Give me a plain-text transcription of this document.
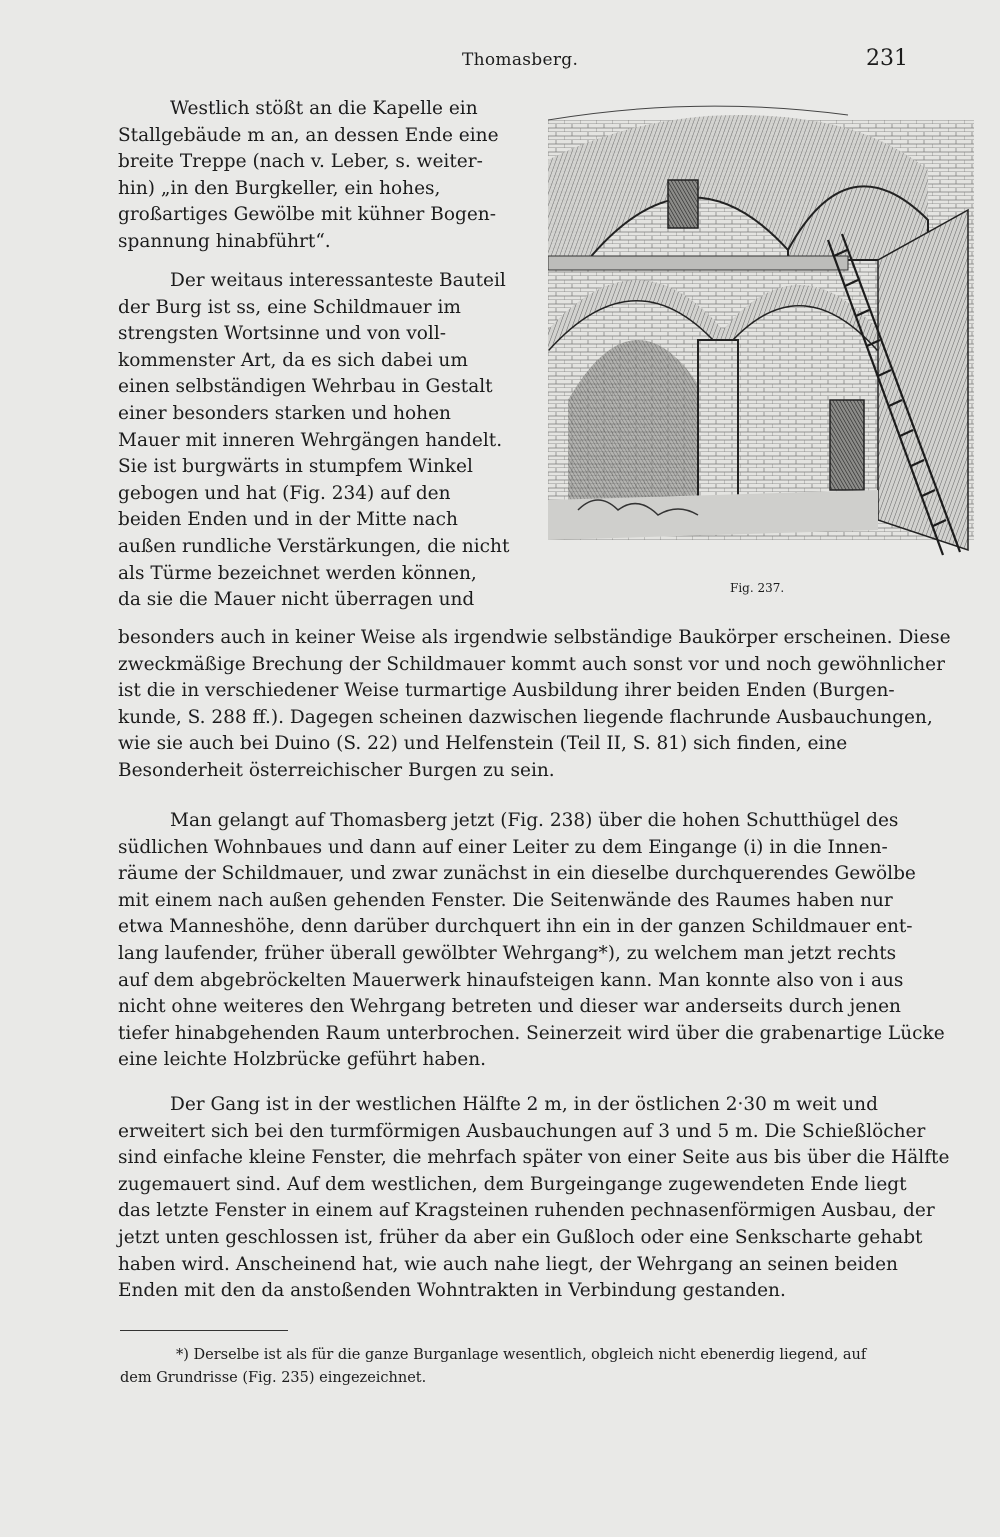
Thomasberg.	231

Westlich stößt an die Kapelle ein
Stallgebäude m an, an dessen Ende eine
breite Treppe (nach v. Leber, s. weiter-
hin) „in den Burgkeller, ein hohes,
großartiges Gewölbe mit kühner Bogen-
spannung hinabführt“.

Der weitaus interessanteste Bauteil
der Burg ist ss, eine Schildmauer im
strengsten Wortsinne und von voll-
kommenster Art, da es sich dabei um
einen selbständigen Wehrbau in Gestalt
einer besonders starken und hohen
Mauer mit inneren Wehrgängen handelt.
Sie ist burgwärts in stumpfem Winkel
gebogen und hat (Fig. 234) auf den
beiden Enden und in der Mitte nach
außen rundliche Verstärkungen, die nicht
als Türme bezeichnet werden können,
da sie die Mauer nicht überragen und

besonders auch in keiner Weise als irgendwie selbständige Baukörper erscheinen. Diese
zweckmäßige Brechung der Schildmauer kommt auch sonst vor und noch gewöhnlicher
ist die in verschiedener Weise turmartige Ausbildung ihrer beiden Enden (Burgen-
kunde, S. 288 ff.). Dagegen scheinen dazwischen liegende flachrunde Ausbauchungen,
wie sie auch bei Duino (S. 22) und Helfenstein (Teil II, S. 81) sich finden, eine
Besonderheit österreichischer Burgen zu sein.

Man gelangt auf Thomasberg jetzt (Fig. 238) über die hohen Schutthügel des
südlichen Wohnbaues und dann auf einer Leiter zu dem Eingange (i) in die Innen-
räume der Schildmauer, und zwar zunächst in ein dieselbe durchquerendes Gewölbe
mit einem nach außen gehenden Fenster. Die Seitenwände des Raumes haben nur
etwa Manneshöhe, denn darüber durchquert ihn ein in der ganzen Schildmauer ent-
lang laufender, früher überall gewölbter Wehrgang*), zu welchem man jetzt rechts
auf dem abgebröckelten Mauerwerk hinaufsteigen kann. Man konnte also von i aus
nicht ohne weiteres den Wehrgang betreten und dieser war anderseits durch jenen
tiefer hinabgehenden Raum unterbrochen. Seinerzeit wird über die grabenartige Lücke
eine leichte Holzbrücke geführt haben.

Der Gang ist in der westlichen Hälfte 2 m, in der östlichen 2·30 m weit und
erweitert sich bei den turmförmigen Ausbauchungen auf 3 und 5 m. Die Schießlöcher
sind einfache kleine Fenster, die mehrfach später von einer Seite aus bis über die Hälfte
zugemauert sind. Auf dem westlichen, dem Burgeingange zugewendeten Ende liegt
das letzte Fenster in einem auf Kragsteinen ruhenden pechnasenförmigen Ausbau, der
jetzt unten geschlossen ist, früher da aber ein Gußloch oder eine Senkscharte gehabt
haben wird. Anscheinend hat, wie auch nahe liegt, der Wehrgang an seinen beiden
Enden mit den da anstoßenden Wohntrakten in Verbindung gestanden.

*) Derselbe ist als für die ganze Burganlage wesentlich, obgleich nicht ebenerdig liegend, auf
dem Grundrisse (Fig. 235) eingezeichnet.

Fig. 237.
